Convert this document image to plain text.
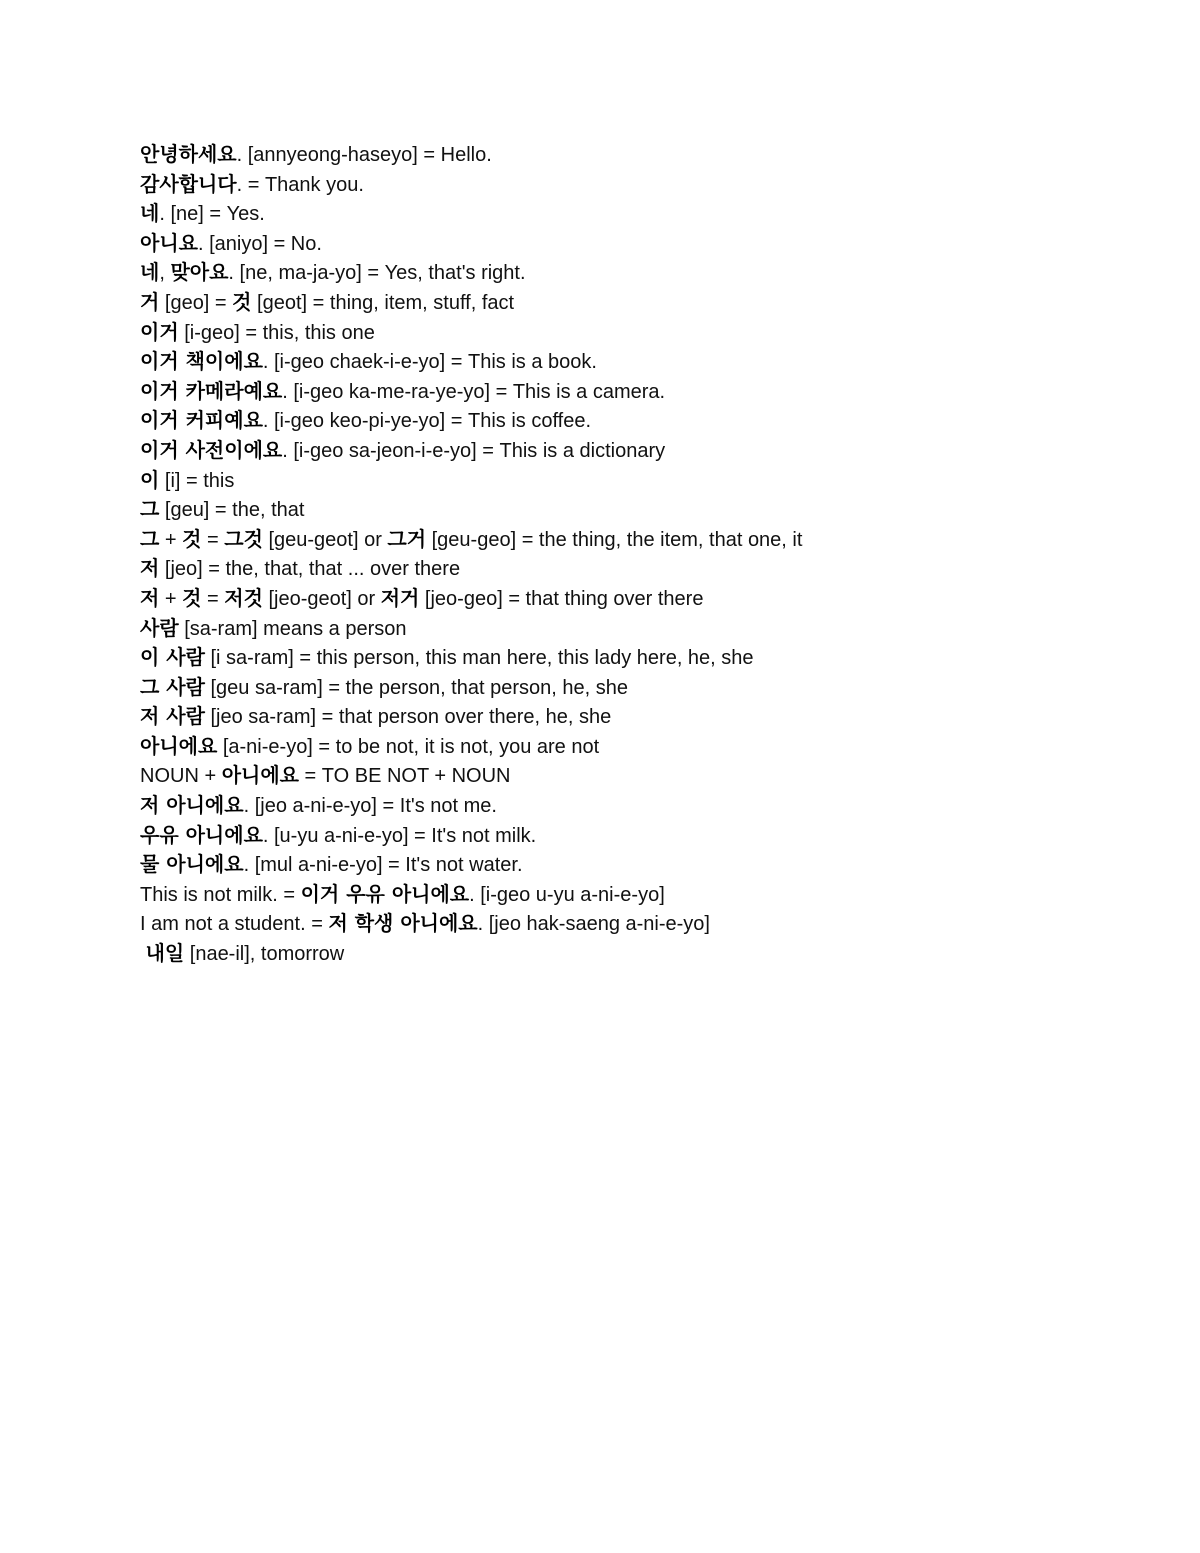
안녕하세요. [annyeong-haseyo] = Hello.
감사합니다. = Thank you.
네. [ne] = Yes.
아니요. [aniyo] = No.
네, 맞아요. [ne, ma-ja-yo] = Yes, that's right.
거 [geo] = 것 [geot] = thing, item, stuff, fact
이거 [i-geo] = this, this one
이거 책이에요. [i-geo chaek-i-e-yo] = This is a book.
이거 카메라예요. [i-geo ka-me-ra-ye-yo] = This is a camera.
이거 커피예요. [i-geo keo-pi-ye-yo] = This is coffee.
이거 사전이에요. [i-geo sa-jeon-i-e-yo] = This is a dictionary
이 [i] = this
그 [geu] = the, that
그 + 것 = 그것 [geu-geot] or 그거 [geu-geo] = the thing, the item, that one, it
저 [jeo] = the, that, that ... over there
저 + 것 = 저것 [jeo-geot] or 저거 [jeo-geo] = that thing over there
사람 [sa-ram] means a person
이 사람 [i sa-ram] = this person, this man here, this lady here, he, she
그 사람 [geu sa-ram] = the person, that person, he, she
저 사람 [jeo sa-ram] = that person over there, he, she
아니에요 [a-ni-e-yo] = to be not, it is not, you are not
NOUN + 아니에요 = TO BE NOT + NOUN
저 아니에요. [jeo a-ni-e-yo] = It's not me.
우유 아니에요. [u-yu a-ni-e-yo] = It's not milk.
물 아니에요. [mul a-ni-e-yo] = It's not water.
This is not milk. = 이거 우유 아니에요. [i-geo u-yu a-ni-e-yo]
I am not a student. = 저 학생 아니에요. [jeo hak-saeng a-ni-e-yo]
내일 [nae-il], tomorrow
